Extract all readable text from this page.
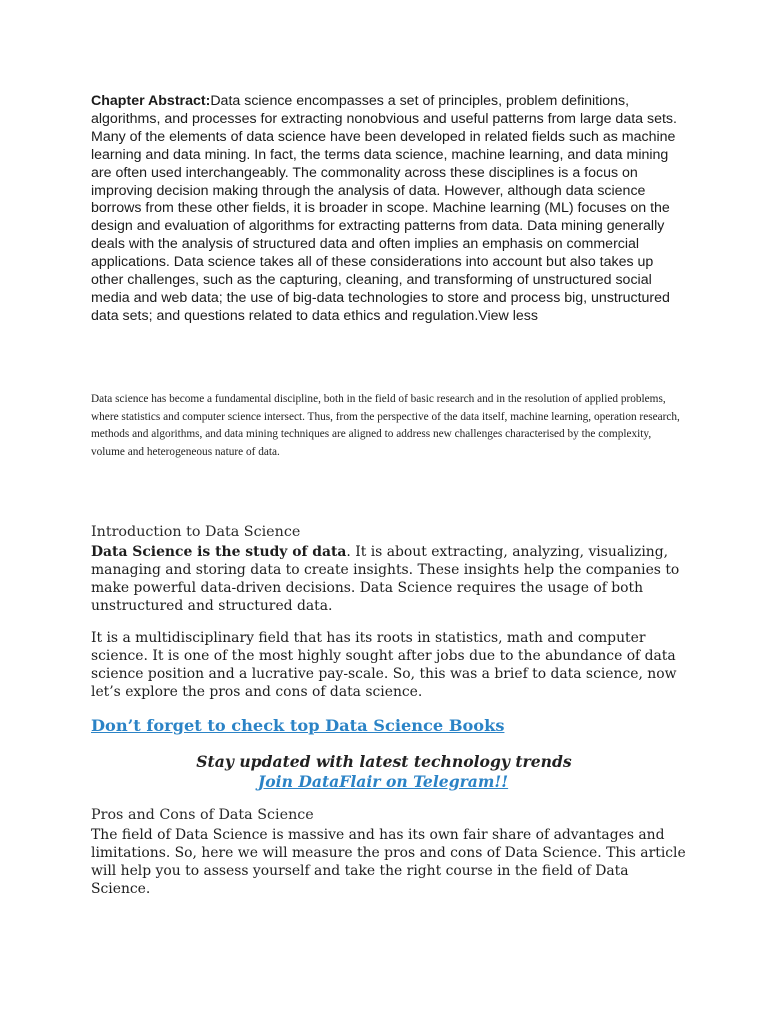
Chapter Abstract:Data science encompasses a set of principles, problem definitions, algorithms, and processes for extracting nonobvious and useful patterns from large data sets. Many of the elements of data science have been developed in related fields such as machine learning and data mining. In fact, the terms data science, machine learning, and data mining are often used interchangeably. The commonality across these disciplines is a focus on improving decision making through the analysis of data. However, although data science borrows from these other fields, it is broader in scope. Machine learning (ML) focuses on the design and evaluation of algorithms for extracting patterns from data. Data mining generally deals with the analysis of structured data and often implies an emphasis on commercial applications. Data science takes all of these considerations into account but also takes up other challenges, such as the capturing, cleaning, and transforming of unstructured social media and web data; the use of big-data technologies to store and process big, unstructured data sets; and questions related to data ethics and regulation.View less

Data science has become a fundamental discipline, both in the field of basic research and in the resolution of applied problems, where statistics and computer science intersect. Thus, from the perspective of the data itself, machine learning, operation research, methods and algorithms, and data mining techniques are aligned to address new challenges characterised by the complexity, volume and heterogeneous nature of data.

Introduction to Data Science

Data Science is the study of data. It is about extracting, analyzing, visualizing, managing and storing data to create insights. These insights help the companies to make powerful data-driven decisions. Data Science requires the usage of both unstructured and structured data.

It is a multidisciplinary field that has its roots in statistics, math and computer science. It is one of the most highly sought after jobs due to the abundance of data science position and a lucrative pay-scale. So, this was a brief to data science, now let’s explore the pros and cons of data science.

Don’t forget to check top Data Science Books

Stay updated with latest technology trends

Join DataFlair on Telegram!!

Pros and Cons of Data Science

The field of Data Science is massive and has its own fair share of advantages and limitations. So, here we will measure the pros and cons of Data Science. This article will help you to assess yourself and take the right course in the field of Data Science.
